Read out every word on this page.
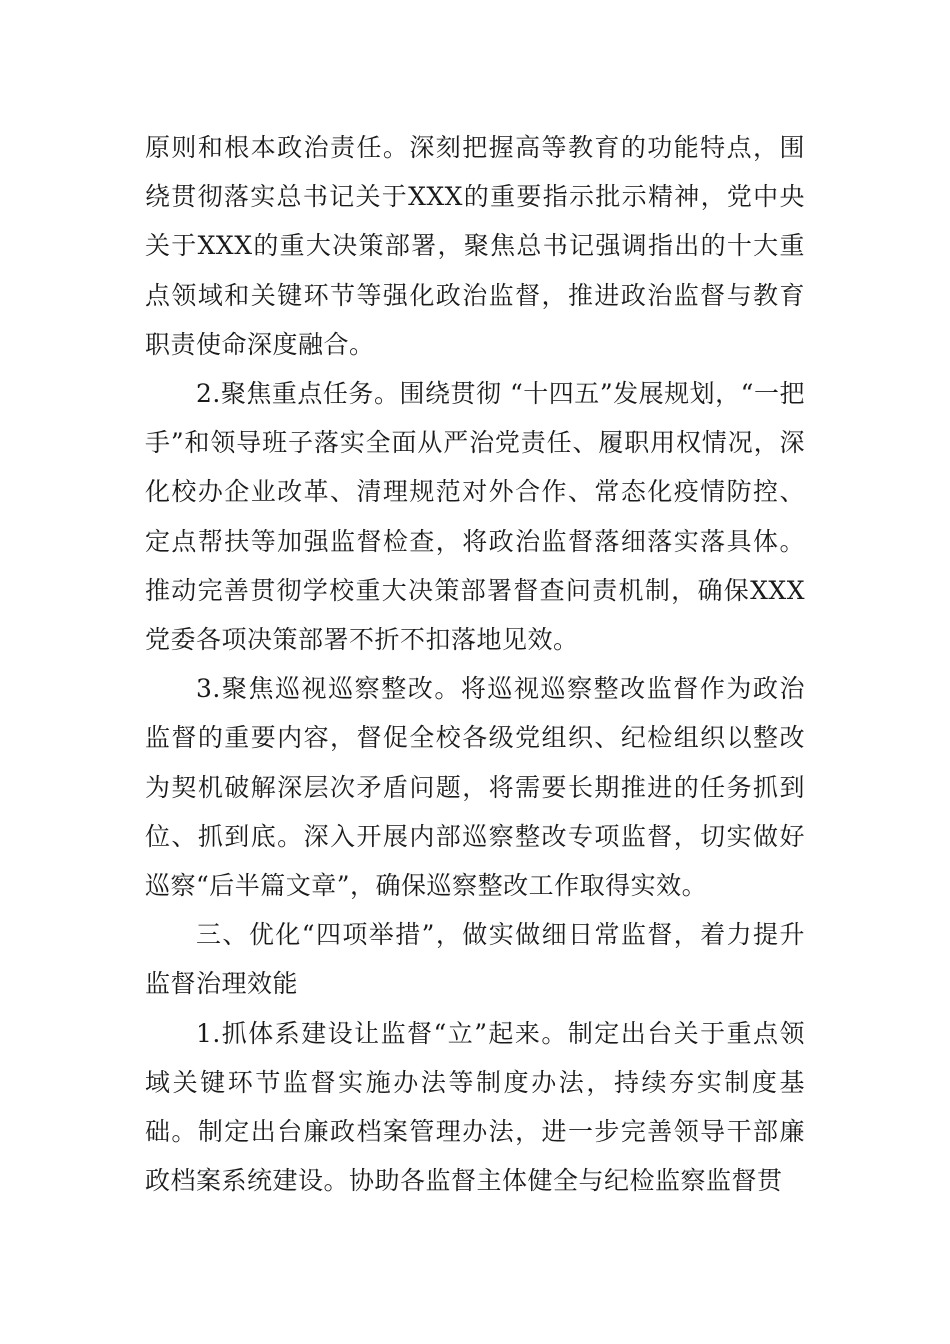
原则和根本政治责任。深刻把握高等教育的功能特点，围绕贯彻落实总书记关于XXX的重要指示批示精神，党中央关于XXX的重大决策部署，聚焦总书记强调指出的十大重点领域和关键环节等强化政治监督，推进政治监督与教育职责使命深度融合。

2.聚焦重点任务。围绕贯彻 “十四五”发展规划，“一把手”和领导班子落实全面从严治党责任、履职用权情况，深化校办企业改革、清理规范对外合作、常态化疫情防控、定点帮扶等加强监督检查，将政治监督落细落实落具体。推动完善贯彻学校重大决策部署督查问责机制，确保XXX党委各项决策部署不折不扣落地见效。

3.聚焦巡视巡察整改。将巡视巡察整改监督作为政治监督的重要内容，督促全校各级党组织、纪检组织以整改为契机破解深层次矛盾问题，将需要长期推进的任务抓到位、抓到底。深入开展内部巡察整改专项监督，切实做好巡察“后半篇文章”，确保巡察整改工作取得实效。

三、优化“四项举措”，做实做细日常监督，着力提升监督治理效能

1.抓体系建设让监督“立”起来。制定出台关于重点领域关键环节监督实施办法等制度办法，持续夯实制度基础。制定出台廉政档案管理办法，进一步完善领导干部廉政档案系统建设。协助各监督主体健全与纪检监察监督贯
